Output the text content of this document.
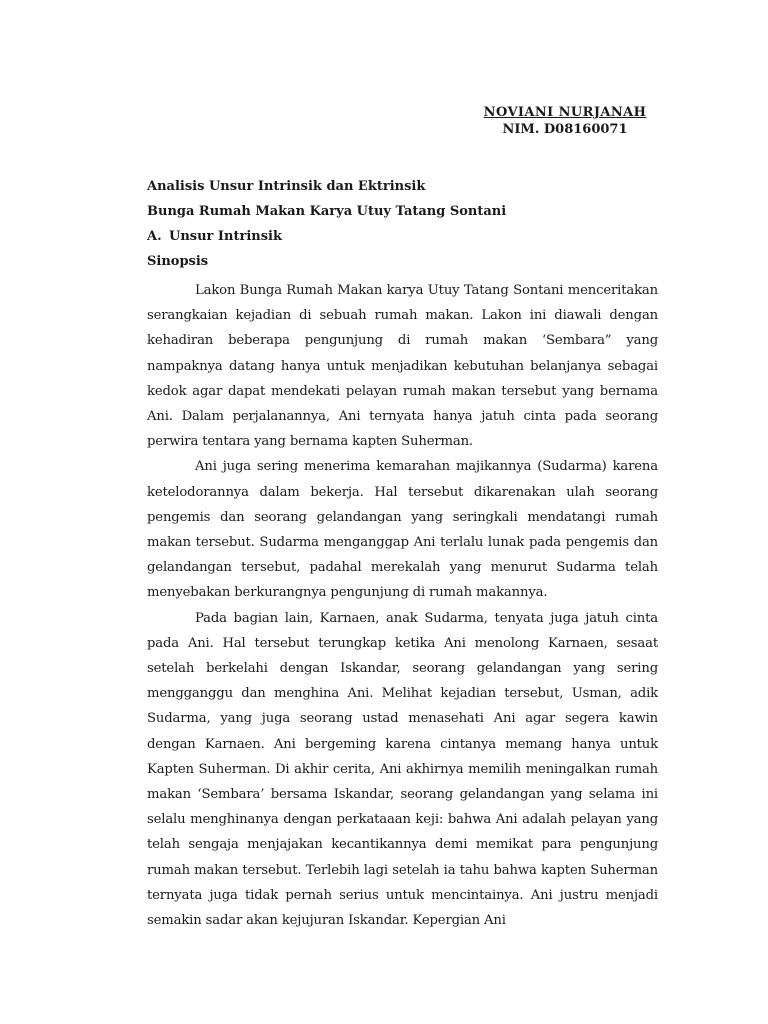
NOVIANI NURJANAH
NIM. D08160071

Analisis Unsur Intrinsik dan Ektrinsik

Bunga Rumah Makan Karya Utuy Tatang Sontani

A. Unsur Intrinsik

Sinopsis

Lakon Bunga Rumah Makan karya Utuy Tatang Sontani menceritakan serangkaian kejadian di sebuah rumah makan. Lakon ini diawali dengan kehadiran beberapa pengunjung di rumah makan ‘Sembara” yang nampaknya datang hanya untuk menjadikan kebutuhan belanjanya sebagai kedok agar dapat mendekati pelayan rumah makan tersebut yang bernama Ani. Dalam perjalanannya, Ani ternyata hanya jatuh cinta pada seorang perwira tentara yang bernama kapten Suherman.

Ani juga sering menerima kemarahan majikannya (Sudarma) karena ketelodorannya dalam bekerja. Hal tersebut dikarenakan ulah seorang pengemis dan seorang gelandangan yang seringkali mendatangi rumah makan tersebut. Sudarma menganggap Ani terlalu lunak pada pengemis dan gelandangan tersebut, padahal merekalah yang menurut Sudarma telah menyebakan berkurangnya pengunjung di rumah makannya.

Pada bagian lain, Karnaen, anak Sudarma, tenyata juga jatuh cinta pada Ani. Hal tersebut terungkap ketika Ani menolong Karnaen, sesaat setelah berkelahi dengan Iskandar, seorang gelandangan yang sering mengganggu dan menghina Ani. Melihat kejadian tersebut, Usman, adik Sudarma, yang juga seorang ustad menasehati Ani agar segera kawin dengan Karnaen. Ani bergeming karena cintanya memang hanya untuk Kapten Suherman. Di akhir cerita, Ani akhirnya memilih meningalkan rumah makan ‘Sembara’ bersama Iskandar, seorang gelandangan yang selama ini selalu menghinanya dengan perkataaan keji: bahwa Ani adalah pelayan yang telah sengaja menjajakan kecantikannya demi memikat para pengunjung rumah makan tersebut. Terlebih lagi setelah ia tahu bahwa kapten Suherman ternyata juga tidak pernah serius untuk mencintainya. Ani justru menjadi semakin sadar akan kejujuran Iskandar. Kepergian Ani
